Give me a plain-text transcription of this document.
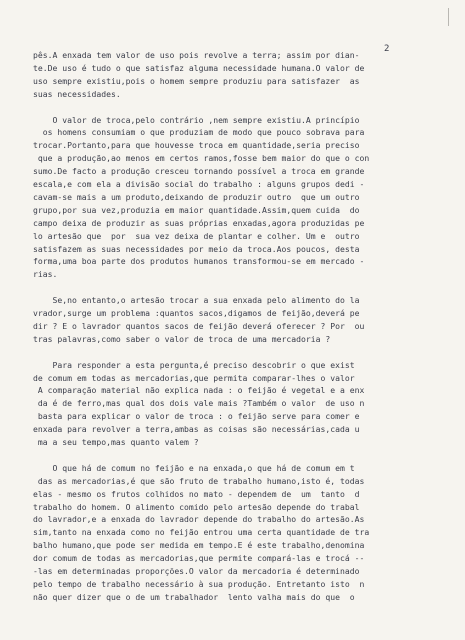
2
pês.A enxada tem valor de uso pois revolve a terra; assim por dian-
te.De uso é tudo o que satisfaz alguma necessidade humana.O valor de
uso sempre existiu,pois o homem sempre produziu para satisfazer  as
suas necessidades.
O valor de troca,pelo contrário ,nem sempre existiu.A princípio
os homens consumiam o que produziam de modo que pouco sobrava para
trocar.Portanto,para que houvesse troca em quantidade,seria preciso
que a produção,ao menos em certos ramos,fosse bem maior do que o con
sumo.De facto a produção cresceu tornando possível a troca em grande
escala,e com ela a divisão social do trabalho : alguns grupos dedi -
cavam-se mais a um produto,deixando de produzir outro  que um outro
grupo,por sua vez,produzia em maior quantidade.Assim,quem cuida  do
campo deixa de produzir as suas próprias enxadas,agora produzidas pe
lo artesão que  por  sua vez deixa de plantar e colher. Um e  outro
satisfazem as suas necessidades por meio da troca.Aos poucos, desta
forma,uma boa parte dos produtos humanos transformou-se em mercado -
rias.
Se,no entanto,o artesão trocar a sua enxada pelo alimento do la
vrador,surge um problema :quantos sacos,digamos de feijão,deverá pe
dir ? E o lavrador quantos sacos de feijão deverá oferecer ? Por  ou
tras palavras,como saber o valor de troca de uma mercadoria ?
Para responder a esta pergunta,é preciso descobrir o que exist
de comum em todas as mercadorias,que permita comparar-lhes o valor
A comparação material não explica nada : o feijão é vegetal e a enx
da é de ferro,mas qual dos dois vale mais ?Também o valor  de uso n
basta para explicar o valor de troca : o feijão serve para comer e
enxada para revolver a terra,ambas as coisas são necessárias,cada u
ma a seu tempo,mas quanto valem ?
O que há de comum no feijão e na enxada,o que há de comum em t
das as mercadorias,é que são fruto de trabalho humano,isto é, todas
elas - mesmo os frutos colhidos no mato - dependem de  um  tanto  d
trabalho do homem. O alimento comido pelo artesão depende do trabal
do lavrador,e a enxada do lavrador depende do trabalho do artesão.As
sim,tanto na enxada como no feijão entrou uma certa quantidade de tra
balho humano,que pode ser medida em tempo.E é este trabalho,denomina
dor comum de todas as mercadorias,que permite compará-las e trocá --
-las em determinadas proporções.O valor da mercadoria é determinado
pelo tempo de trabalho necessário à sua produção. Entretanto isto  n
não quer dizer que o de um trabalhador  lento valha mais do que  o
